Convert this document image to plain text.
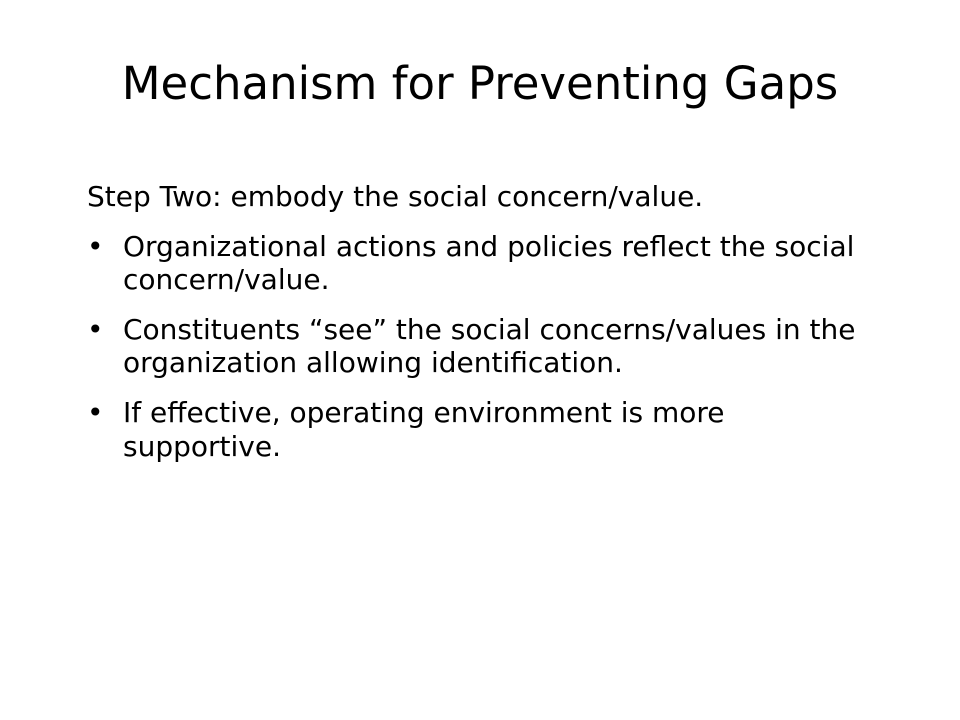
Mechanism for Preventing Gaps

Step Two: embody the social concern/value.

• Organizational actions and policies reflect the social concern/value.
• Constituents “see” the social concerns/values in the organization allowing identification.
• If effective, operating environment is more supportive.
